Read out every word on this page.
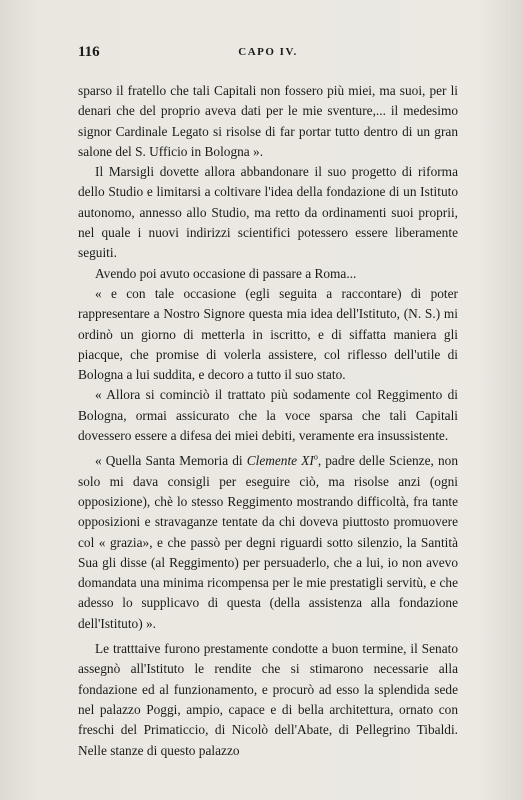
116	CAPO IV.

sparso il fratello che tali Capitali non fossero più miei, ma suoi, per li denari che del proprio aveva dati per le mie sventure,... il medesimo signor Cardinale Legato si risolse di far portar tutto dentro di un gran salone del S. Ufficio in Bologna ».

Il Marsigli dovette allora abbandonare il suo progetto di riforma dello Studio e limitarsi a coltivare l'idea della fondazione di un Istituto autonomo, annesso allo Studio, ma retto da ordinamenti suoi proprii, nel quale i nuovi indirizzi scientifici potessero essere liberamente seguiti.

Avendo poi avuto occasione di passare a Roma...

« e con tale occasione (egli seguita a raccontare) di poter rappresentare a Nostro Signore questa mia idea dell'Istituto, (N. S.) mi ordinò un giorno di metterla in iscritto, e di siffatta maniera gli piacque, che promise di volerla assistere, col riflesso dell'utile di Bologna a lui suddita, e decoro a tutto il suo stato.

« Allora si cominciò il trattato più sodamente col Reggimento di Bologna, ormai assicurato che la voce sparsa che tali Capitali dovessero essere a difesa dei miei debiti, veramente era insussistente.

« Quella Santa Memoria di Clemente $XI^o$, padre delle Scienze, non solo mi dava consigli per eseguire ciò, ma risolse anzi (ogni opposizione), chè lo stesso Reggimento mostrando difficoltà, fra tante opposizioni e stravaganze tentate da chi doveva piuttosto promuovere col « grazia», e che passò per degni riguardi sotto silenzio, la Santità Sua gli disse (al Reggimento) per persuaderlo, che a lui, io non avevo domandata una minima ricompensa per le mie prestatigli servitù, e che adesso lo supplicavo di questa (della assistenza alla fondazione dell'Istituto) ».

Le tratttaive furono prestamente condotte a buon termine, il Senato assegnò all'Istituto le rendite che si stimarono necessarie alla fondazione ed al funzionamento, e procurò ad esso la splendida sede nel palazzo Poggi, ampio, capace e di bella architettura, ornato con freschi del Primaticcio, di Nicolò dell'Abate, di Pellegrino Tibaldi. Nelle stanze di questo palazzo
